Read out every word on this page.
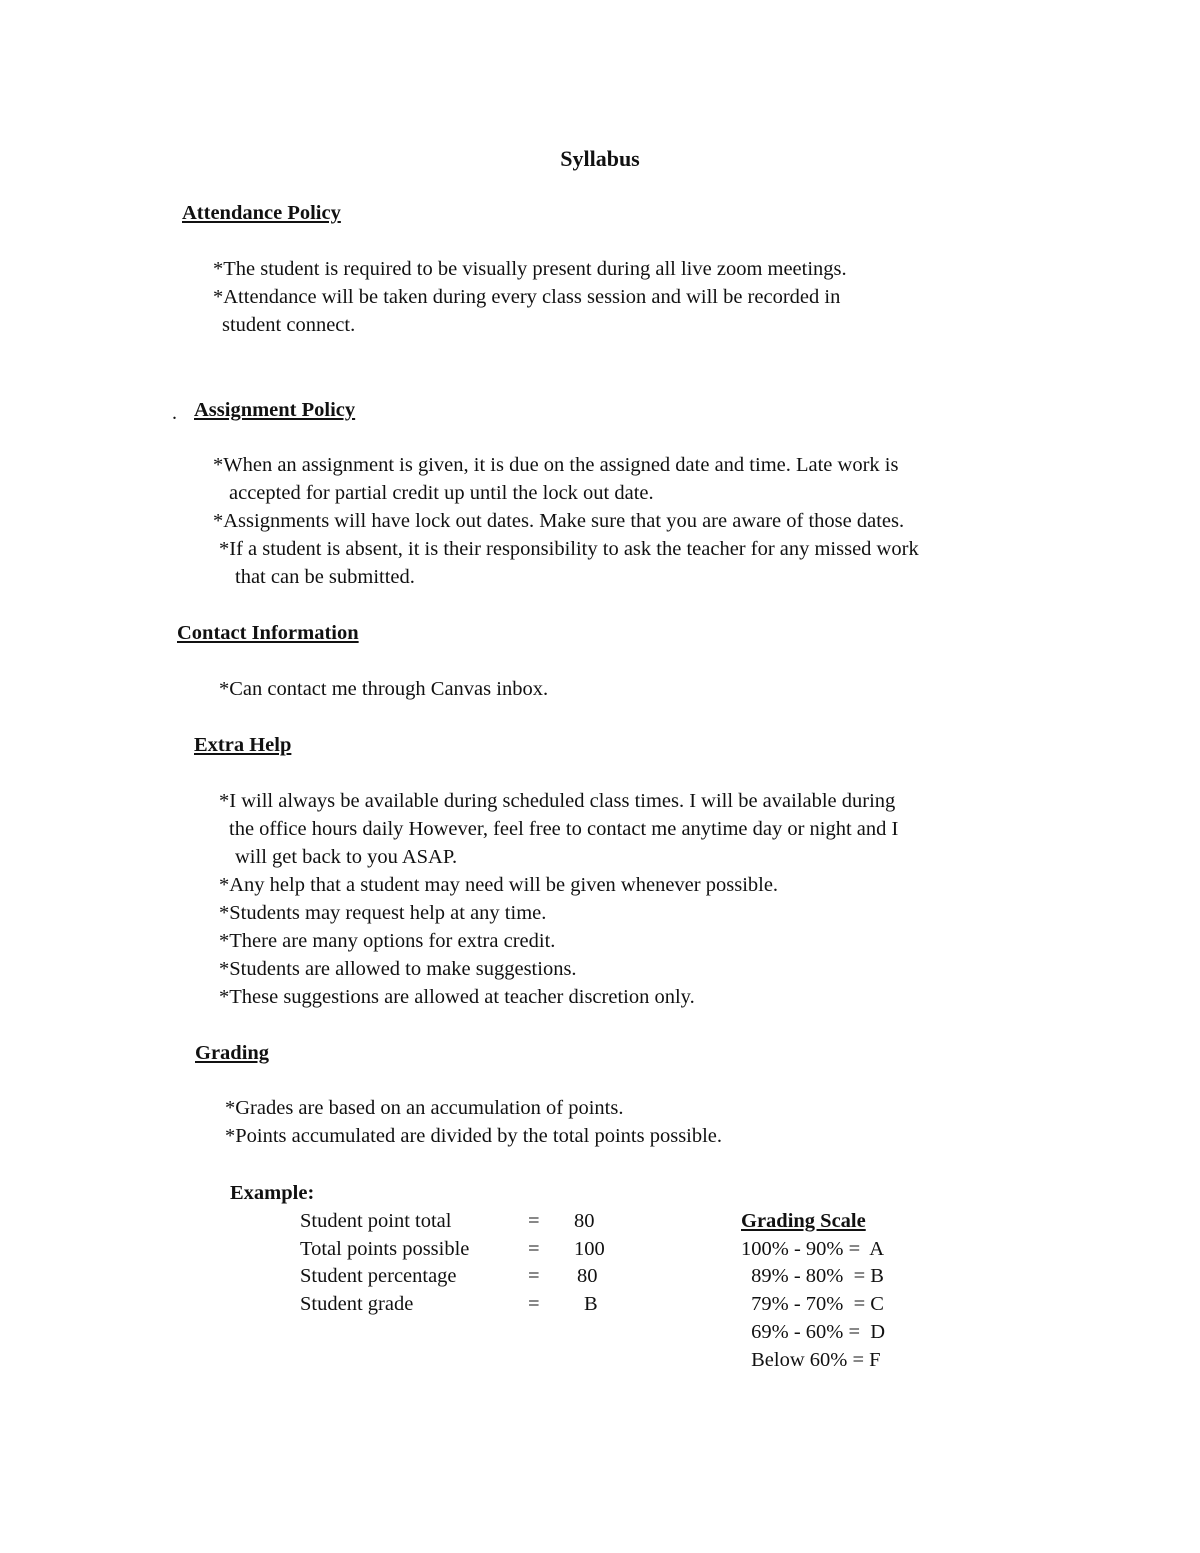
Syllabus
Attendance Policy

*The student is required to be visually present during all live zoom meetings.

*Attendance will be taken during every class session and will be recorded in

student connect.

. Assignment Policy

*When an assignment is given, it is due on the assigned date and time. Late work is

accepted for partial credit up until the lock out date.

*Assignments will have lock out dates. Make sure that you are aware of those dates.

*If a student is absent, it is their responsibility to ask the teacher for any missed work

that can be submitted.

Contact Information

*Can contact me through Canvas inbox.

Extra Help

*I will always be available during scheduled class times. I will be available during

the office hours daily However, feel free to contact me anytime day or night and I

will get back to you ASAP.

*Any help that a student may need will be given whenever possible.

*Students may request help at any time.

*There are many options for extra credit.

*Students are allowed to make suggestions.

*These suggestions are allowed at teacher discretion only.

Grading

*Grades are based on an accumulation of points.

*Points accumulated are divided by the total points possible.

Example:
Student point total	= 80
Total points possible	= 100
Student percentage	= 80
Student grade	= B
Grading Scale
100% - 90% =  A
89% - 80%  = B
79% - 70%  = C
69% - 60% =  D
Below 60% = F
